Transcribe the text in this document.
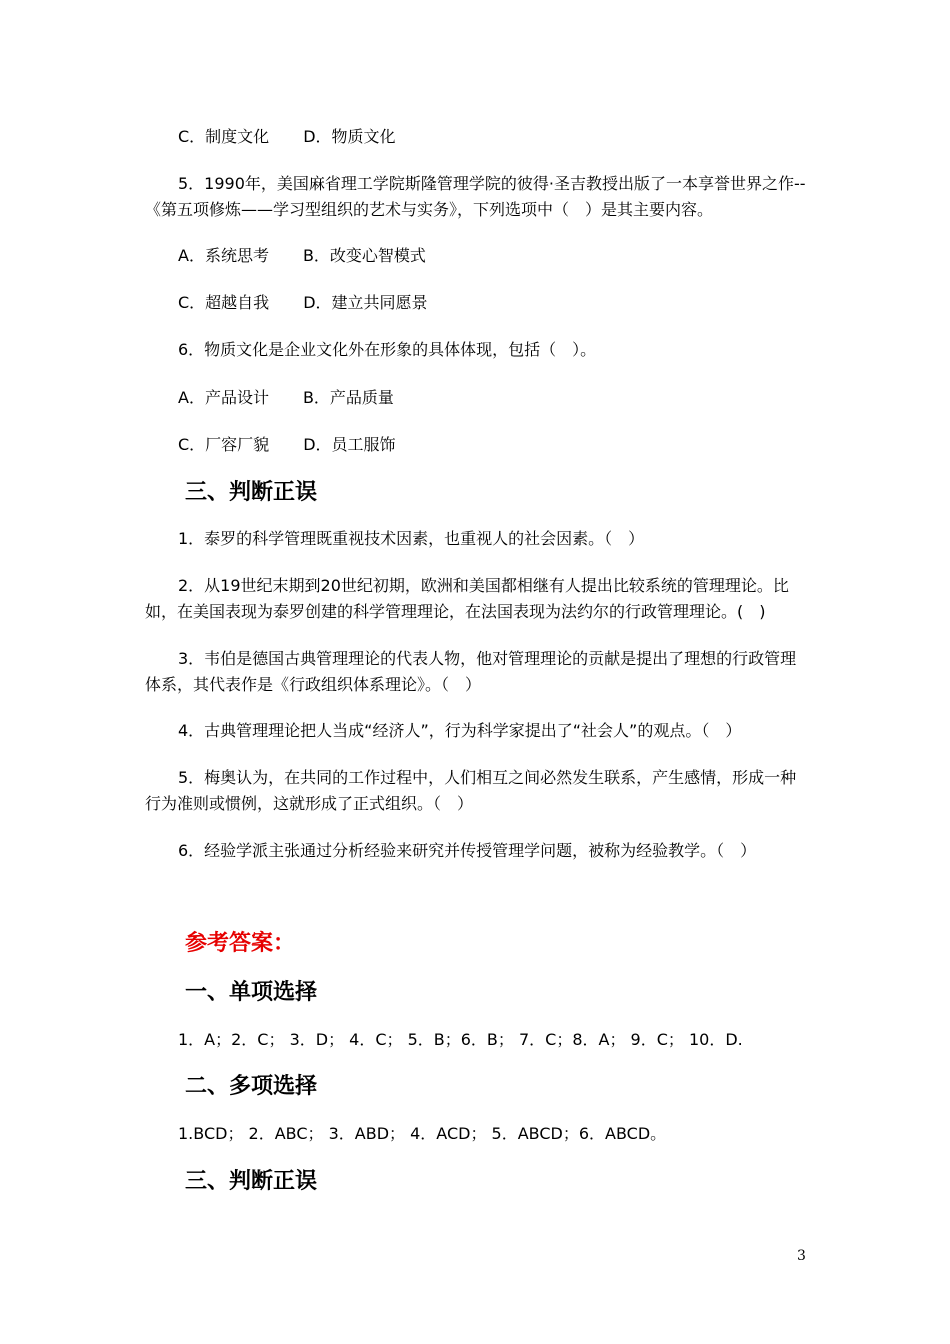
C．制度文化 D．物质文化
5．1990年，美国麻省理工学院斯隆管理学院的彼得·圣吉教授出版了一本享誉世界之作--《第五项修炼——学习型组织的艺术与实务》，下列选项中（　）是其主要内容。
A．系统思考 B．改变心智模式
C．超越自我 D．建立共同愿景
6．物质文化是企业文化外在形象的具体体现，包括（　）。
A．产品设计 B．产品质量
C．厂容厂貌 D．员工服饰
三、判断正误
1．泰罗的科学管理既重视技术因素，也重视人的社会因素。（　）
2．从19世纪末期到20世纪初期，欧洲和美国都相继有人提出比较系统的管理理论。比如，在美国表现为泰罗创建的科学管理理论，在法国表现为法约尔的行政管理理论。(　)
3．韦伯是德国古典管理理论的代表人物，他对管理理论的贡献是提出了理想的行政管理体系，其代表作是《行政组织体系理论》。（　）
4．古典管理理论把人当成“经济人”，行为科学家提出了“社会人”的观点。（　）
5．梅奥认为，在共同的工作过程中，人们相互之间必然发生联系，产生感情，形成一种行为准则或惯例，这就形成了正式组织。（　）
6．经验学派主张通过分析经验来研究并传授管理学问题，被称为经验教学。（　）
参考答案：
一、单项选择
1．A；2．C； 3．D； 4．C； 5．B；6．B； 7．C；8．A； 9．C； 10．D.
二、多项选择
1.BCD； 2．ABC； 3．ABD； 4．ACD； 5．ABCD；6．ABCD。
三、判断正误
3
